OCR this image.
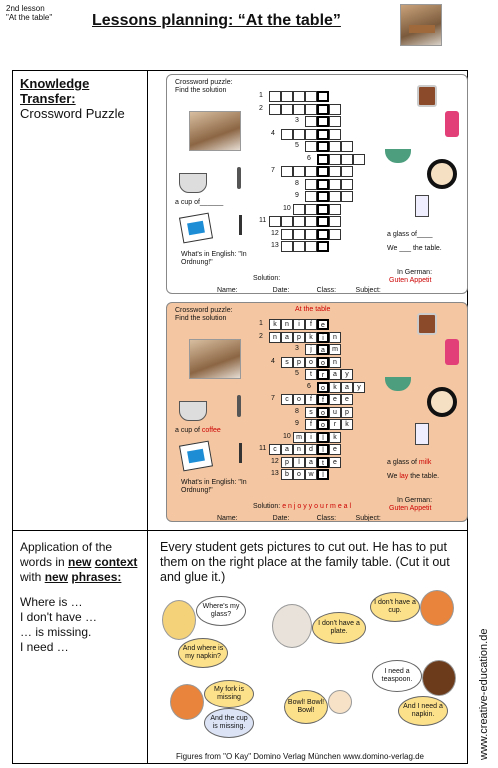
2nd lesson
"At the table" Lessons planning: “At the table”
Knowledge Transfer:
Crossword Puzzle
Application of the words in new context with new phrases:
Where is …
I don't have …
… is missing.
I need …
Crossword puzzle: Find the solution
a cup of______
What's in English: "In Ordnung!"
a glass of____
We ___ the table.
In German:
Guten Appetit
Solution:
Name: ________ Date: ______ Class: ____ Subject: ________
1
2
3
4
5
6
7
8
9
10
11
12
13
Crossword puzzle: Find the solution
At the table
a cup of coffee
What's in English: "In Ordnung!"
a glass of milk
We lay the table.
In German:
Guten Appetit
Solution: e n j o y y o u r m e a l
Name: ________ Date: ______ Class: ____ Subject: ________
1	k	n	i	f	e
2	n	a	p	k	i	n
3	j	a	m
4	s	p	o	o	n
5	t	r	a	y
6	o	k	a	y
7	c	o	f	f	e	e
8	s	o	u	p
9	f	o	r	k
10 m	i	l	k
11 c	a	n	d	l	e
12 p	l	a	t	e
13 b	o	w	l
Every student gets pictures to cut out. He has to put them on the right place at the family table. (Cut it out and glue it.)
Where's my glass?
And where is my napkin?
My fork is missing
And the cup is missing.
I don't have a plate.
I don't have a cup.
I need a teaspoon.
And I need a napkin.
Bowl! Bowl! Bowl!
Figures from "O Kay" Domino Verlag München www.domino-verlag.de	www.creative-education.de
